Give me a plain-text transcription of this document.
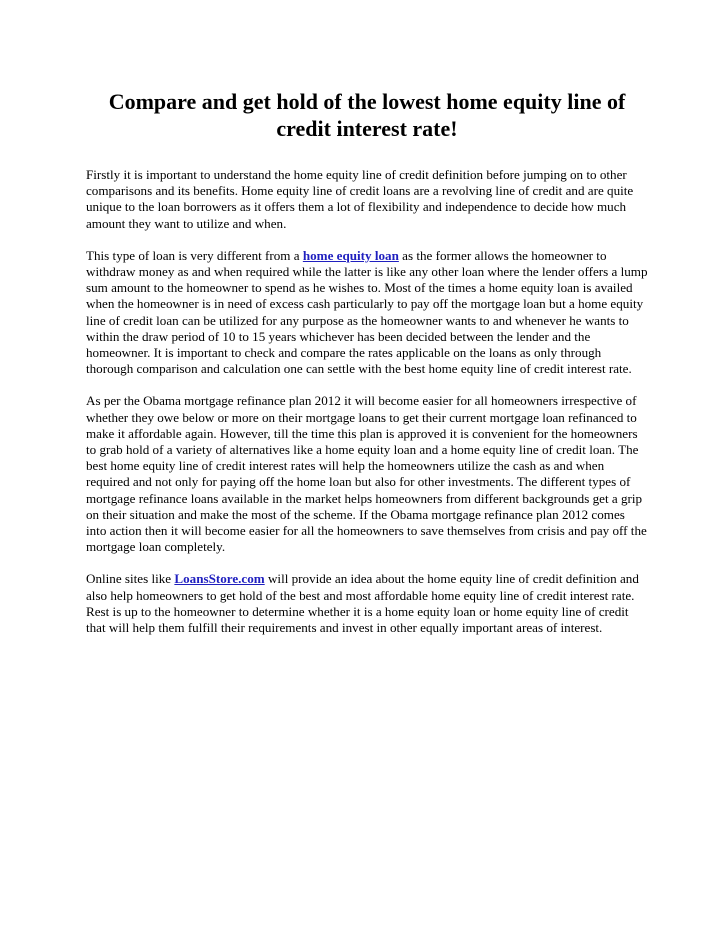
Compare and get hold of the lowest home equity line of credit interest rate!

Firstly it is important to understand the home equity line of credit definition before jumping on to other comparisons and its benefits. Home equity line of credit loans are a revolving line of credit and are quite unique to the loan borrowers as it offers them a lot of flexibility and independence to decide how much amount they want to utilize and when.

This type of loan is very different from a home equity loan as the former allows the homeowner to withdraw money as and when required while the latter is like any other loan where the lender offers a lump sum amount to the homeowner to spend as he wishes to. Most of the times a home equity loan is availed when the homeowner is in need of excess cash particularly to pay off the mortgage loan but a home equity line of credit loan can be utilized for any purpose as the homeowner wants to and whenever he wants to within the draw period of 10 to 15 years whichever has been decided between the lender and the homeowner. It is important to check and compare the rates applicable on the loans as only through thorough comparison and calculation one can settle with the best home equity line of credit interest rate.

As per the Obama mortgage refinance plan 2012 it will become easier for all homeowners irrespective of whether they owe below or more on their mortgage loans to get their current mortgage loan refinanced to make it affordable again. However, till the time this plan is approved it is convenient for the homeowners to grab hold of a variety of alternatives like a home equity loan and a home equity line of credit loan. The best home equity line of credit interest rates will help the homeowners utilize the cash as and when required and not only for paying off the home loan but also for other investments. The different types of mortgage refinance loans available in the market helps homeowners from different backgrounds get a grip on their situation and make the most of the scheme. If the Obama mortgage refinance plan 2012 comes into action then it will become easier for all the homeowners to save themselves from crisis and pay off the mortgage loan completely.

Online sites like LoansStore.com will provide an idea about the home equity line of credit definition and also help homeowners to get hold of the best and most affordable home equity line of credit interest rate. Rest is up to the homeowner to determine whether it is a home equity loan or home equity line of credit that will help them fulfill their requirements and invest in other equally important areas of interest.
